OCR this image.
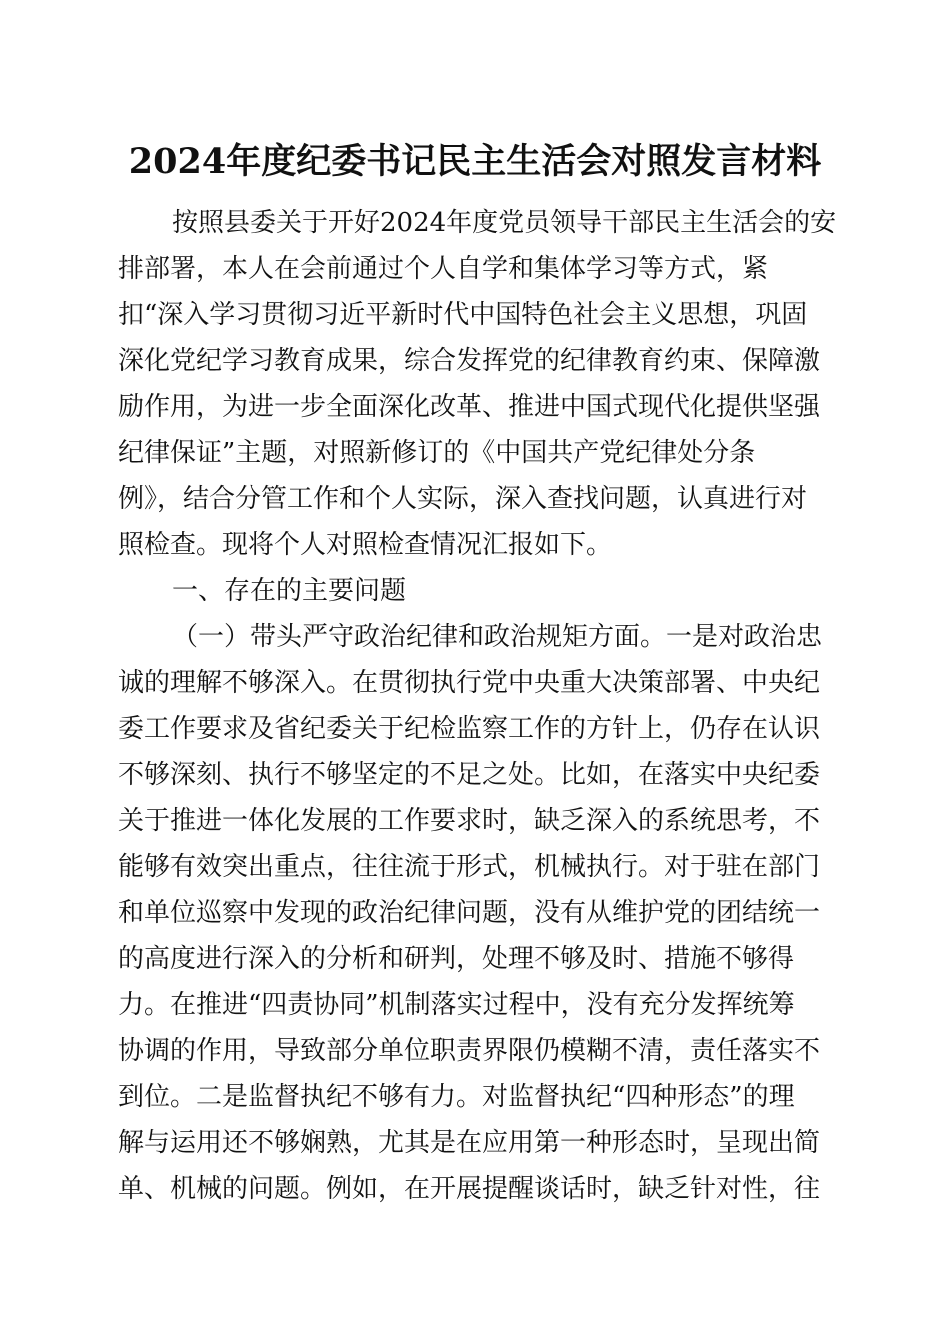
2024年度纪委书记民主生活会对照发言材料
按照县委关于开好2024年度党员领导干部民主生活会的安
排部署，本人在会前通过个人自学和集体学习等方式，紧
扣“深入学习贯彻习近平新时代中国特色社会主义思想，巩固
深化党纪学习教育成果，综合发挥党的纪律教育约束、保障激
励作用，为进一步全面深化改革、推进中国式现代化提供坚强
纪律保证”主题，对照新修订的《中国共产党纪律处分条
例》，结合分管工作和个人实际，深入查找问题，认真进行对
照检查。现将个人对照检查情况汇报如下。
一、存在的主要问题
（一）带头严守政治纪律和政治规矩方面。一是对政治忠
诚的理解不够深入。在贯彻执行党中央重大决策部署、中央纪
委工作要求及省纪委关于纪检监察工作的方针上，仍存在认识
不够深刻、执行不够坚定的不足之处。比如，在落实中央纪委
关于推进一体化发展的工作要求时，缺乏深入的系统思考，不
能够有效突出重点，往往流于形式，机械执行。对于驻在部门
和单位巡察中发现的政治纪律问题，没有从维护党的团结统一
的高度进行深入的分析和研判，处理不够及时、措施不够得
力。在推进“四责协同”机制落实过程中，没有充分发挥统筹
协调的作用，导致部分单位职责界限仍模糊不清，责任落实不
到位。二是监督执纪不够有力。对监督执纪“四种形态”的理
解与运用还不够娴熟，尤其是在应用第一种形态时，呈现出简
单、机械的问题。例如，在开展提醒谈话时，缺乏针对性，往
